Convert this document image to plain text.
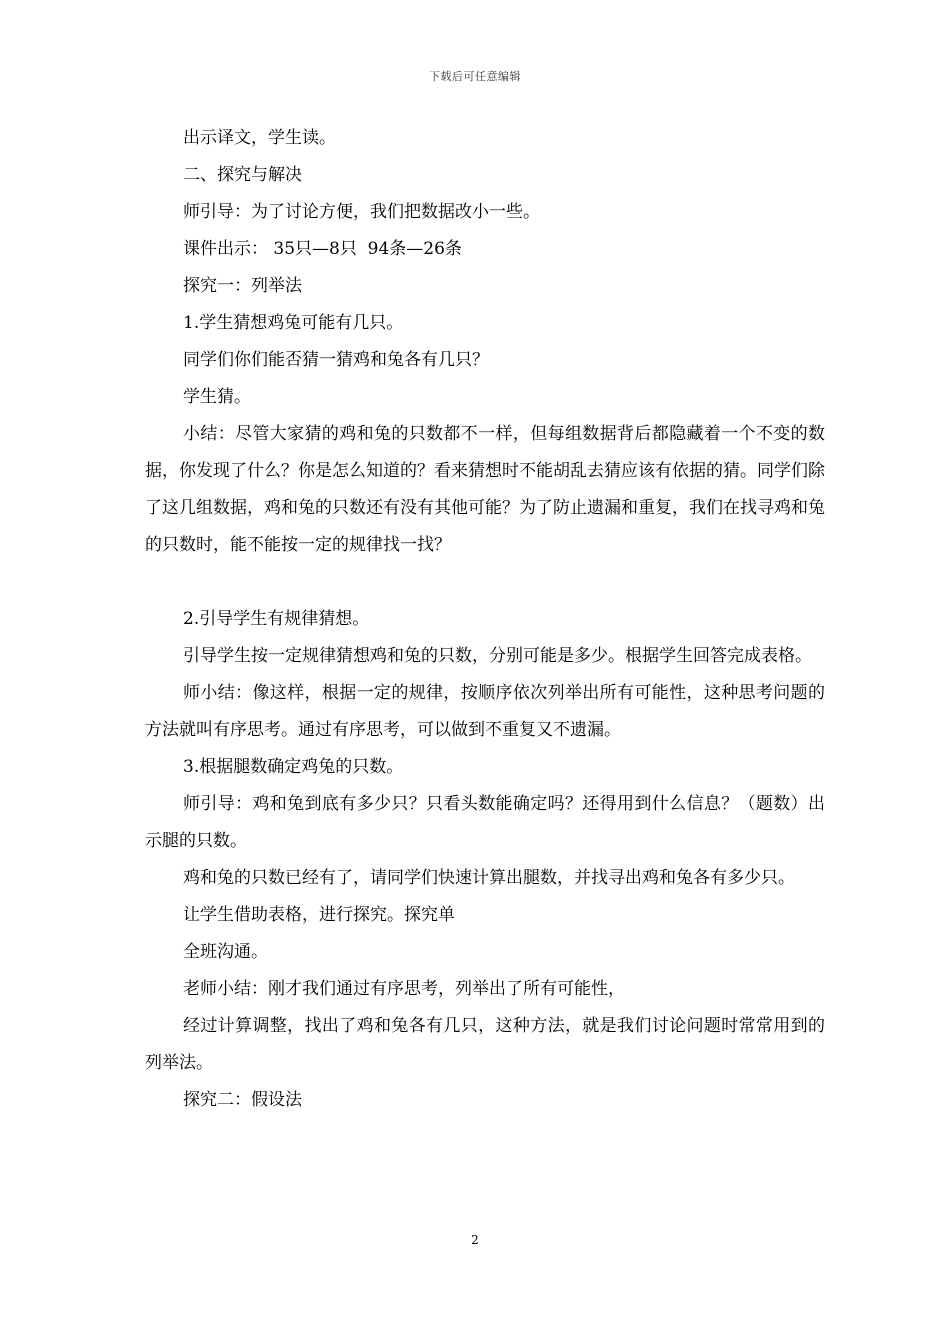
下载后可任意编辑

出示译文，学生读。

二、探究与解决

师引导：为了讨论方便，我们把数据改小一些。

课件出示： 35只—8只  94条—26条

探究一：列举法

1.学生猜想鸡兔可能有几只。

同学们你们能否猜一猜鸡和兔各有几只？

学生猜。

小结：尽管大家猜的鸡和兔的只数都不一样，但每组数据背后都隐藏着一个不变的数据，你发现了什么？你是怎么知道的？看来猜想时不能胡乱去猜应该有依据的猜。同学们除了这几组数据，鸡和兔的只数还有没有其他可能？为了防止遗漏和重复，我们在找寻鸡和兔的只数时，能不能按一定的规律找一找？

2.引导学生有规律猜想。

引导学生按一定规律猜想鸡和兔的只数，分别可能是多少。根据学生回答完成表格。

师小结：像这样，根据一定的规律，按顺序依次列举出所有可能性，这种思考问题的方法就叫有序思考。通过有序思考，可以做到不重复又不遗漏。

3.根据腿数确定鸡兔的只数。

师引导：鸡和兔到底有多少只？只看头数能确定吗？还得用到什么信息？（题数）出示腿的只数。

鸡和兔的只数已经有了，请同学们快速计算出腿数，并找寻出鸡和兔各有多少只。

让学生借助表格，进行探究。探究单

全班沟通。

老师小结：刚才我们通过有序思考，列举出了所有可能性，

经过计算调整，找出了鸡和兔各有几只，这种方法，就是我们讨论问题时常常用到的列举法。

探究二：假设法

2
